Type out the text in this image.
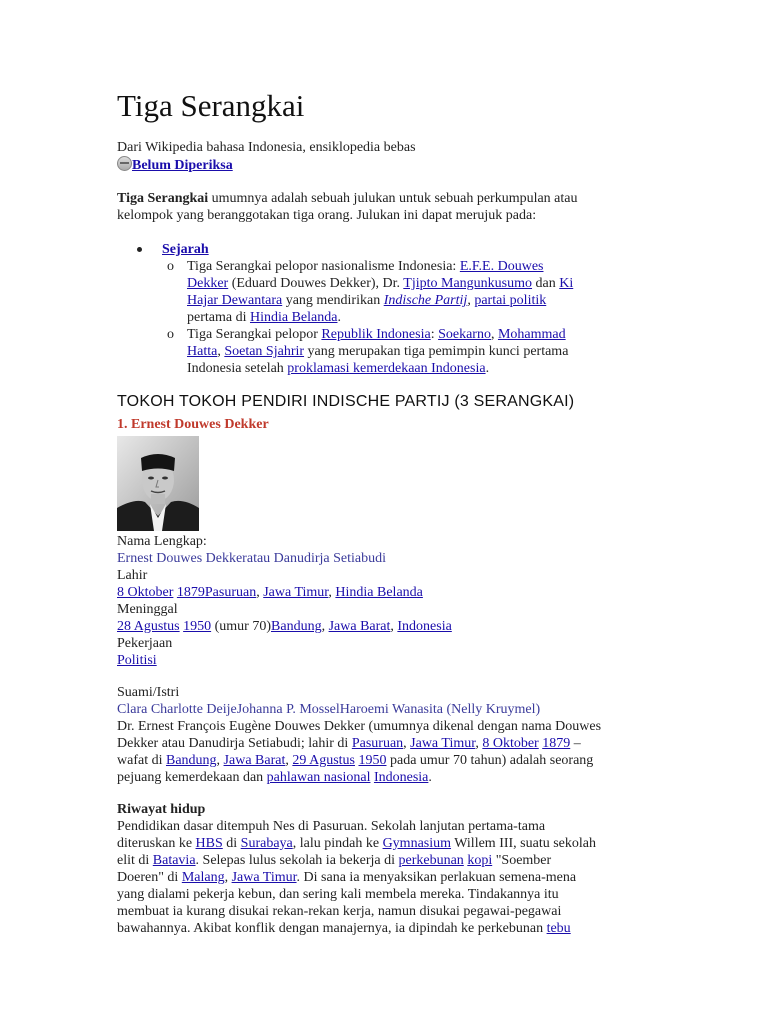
Tiga Serangkai
Dari Wikipedia bahasa Indonesia, ensiklopedia bebas
Belum Diperiksa
Tiga Serangkai umumnya adalah sebuah julukan untuk sebuah perkumpulan atau
kelompok yang beranggotakan tiga orang. Julukan ini dapat merujuk pada:
Sejarah
o Tiga Serangkai pelopor nasionalisme Indonesia: E.F.E. Douwes
Dekker (Eduard Douwes Dekker), Dr. Tjipto Mangunkusumo dan Ki
Hajar Dewantara yang mendirikan Indische Partij, partai politik
pertama di Hindia Belanda.
o Tiga Serangkai pelopor Republik Indonesia: Soekarno, Mohammad
Hatta, Soetan Sjahrir yang merupakan tiga pemimpin kunci pertama
Indonesia setelah proklamasi kemerdekaan Indonesia.
TOKOH TOKOH PENDIRI INDISCHE PARTIJ (3 SERANGKAI)
1. Ernest Douwes Dekker
Nama Lengkap:
Ernest Douwes Dekkeratau Danudirja Setiabudi
Lahir
8 Oktober 1879Pasuruan, Jawa Timur, Hindia Belanda
Meninggal
28 Agustus 1950 (umur 70)Bandung, Jawa Barat, Indonesia
Pekerjaan
Politisi
Suami/Istri
Clara Charlotte DeijeJohanna P. MosselHaroemi Wanasita (Nelly Kruymel)
Dr. Ernest François Eugène Douwes Dekker (umumnya dikenal dengan nama Douwes
Dekker atau Danudirja Setiabudi; lahir di Pasuruan, Jawa Timur, 8 Oktober 1879 –
wafat di Bandung, Jawa Barat, 29 Agustus 1950 pada umur 70 tahun) adalah seorang
pejuang kemerdekaan dan pahlawan nasional Indonesia.
Riwayat hidup
Pendidikan dasar ditempuh Nes di Pasuruan. Sekolah lanjutan pertama-tama
diteruskan ke HBS di Surabaya, lalu pindah ke Gymnasium Willem III, suatu sekolah
elit di Batavia. Selepas lulus sekolah ia bekerja di perkebunan kopi "Soember
Doeren" di Malang, Jawa Timur. Di sana ia menyaksikan perlakuan semena-mena
yang dialami pekerja kebun, dan sering kali membela mereka. Tindakannya itu
membuat ia kurang disukai rekan-rekan kerja, namun disukai pegawai-pegawai
bawahannya. Akibat konflik dengan manajernya, ia dipindah ke perkebunan tebu
